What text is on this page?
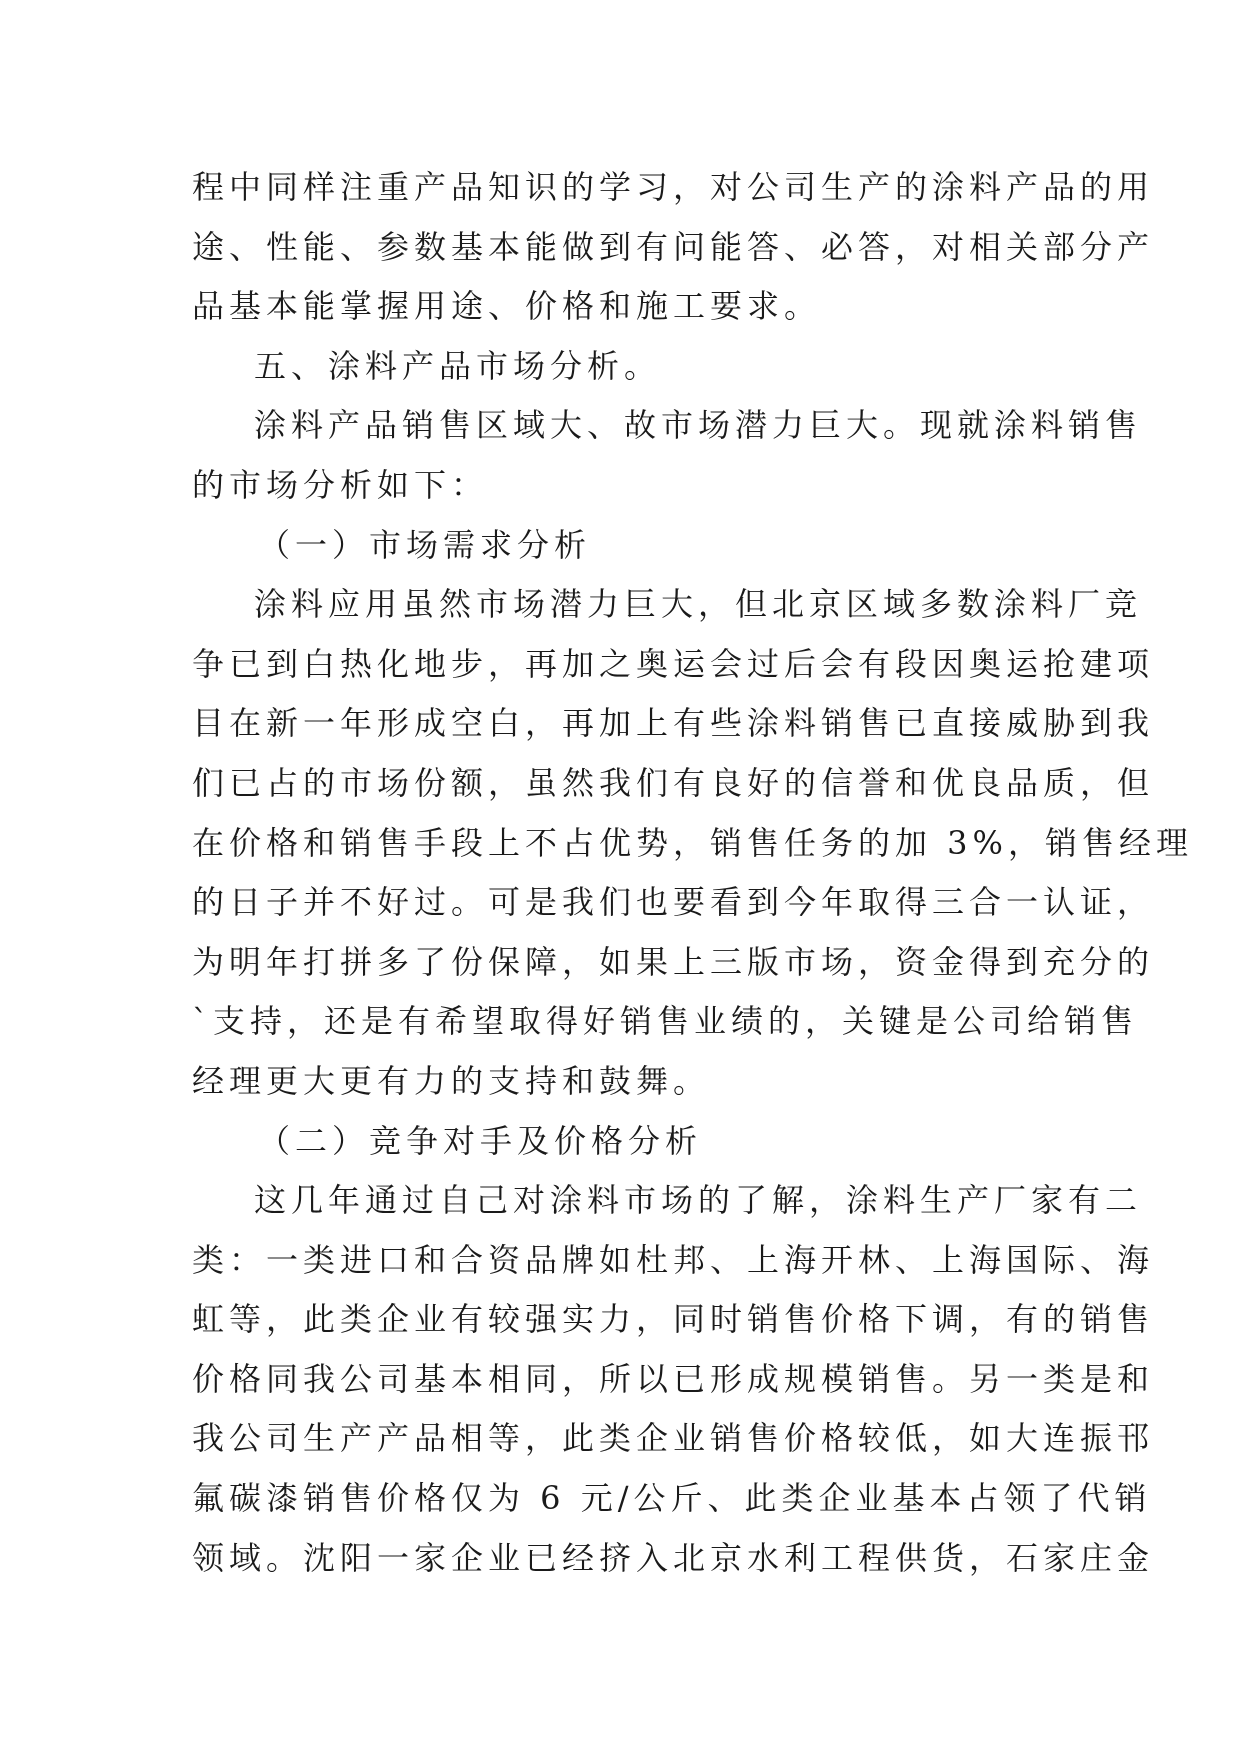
程中同样注重产品知识的学习，对公司生产的涂料产品的用
途、性能、参数基本能做到有问能答、必答，对相关部分产
品基本能掌握用途、价格和施工要求。
五、涂料产品市场分析。
涂料产品销售区域大、故市场潜力巨大。现就涂料销售
的市场分析如下：
（一）市场需求分析
涂料应用虽然市场潜力巨大，但北京区域多数涂料厂竞
争已到白热化地步，再加之奥运会过后会有段因奥运抢建项
目在新一年形成空白，再加上有些涂料销售已直接威胁到我
们已占的市场份额，虽然我们有良好的信誉和优良品质，但
在价格和销售手段上不占优势，销售任务的加 3%，销售经理
的日子并不好过。可是我们也要看到今年取得三合一认证，
为明年打拼多了份保障，如果上三版市场，资金得到充分的
`支持，还是有希望取得好销售业绩的，关键是公司给销售
经理更大更有力的支持和鼓舞。
（二）竞争对手及价格分析
这几年通过自己对涂料市场的了解，涂料生产厂家有二
类：一类进口和合资品牌如杜邦、上海开林、上海国际、海
虹等，此类企业有较强实力，同时销售价格下调，有的销售
价格同我公司基本相同，所以已形成规模销售。另一类是和
我公司生产产品相等，此类企业销售价格较低，如大连振邗
氟碳漆销售价格仅为 6 元/公斤、此类企业基本占领了代销
领域。沈阳一家企业已经挤入北京水利工程供货，石家庄金
